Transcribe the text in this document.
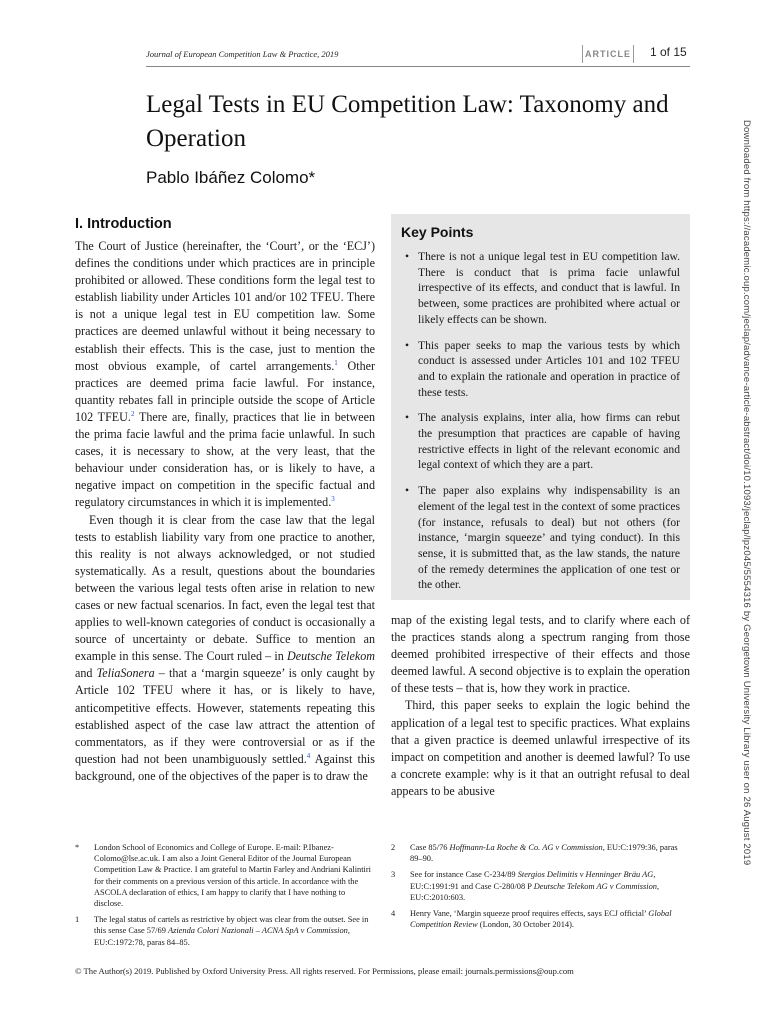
Journal of European Competition Law & Practice, 2019	ARTICLE 1 of 15
Legal Tests in EU Competition Law: Taxonomy and Operation
Pablo Ibáñez Colomo*	Downloaded from https://academic.oup.com/jeclap/advance-article-abstract/doi/10.1093/jeclap/lpz045/5554316 by Georgetown University Library user on 26 August 2019
I. Introduction

The Court of Justice (hereinafter, the ‘Court’, or the ‘ECJ’) defines the conditions under which practices are in principle prohibited or allowed. These conditions form the legal test to establish liability under Articles 101 and/or 102 TFEU. There is not a unique legal test in EU competition law. Some practices are deemed unlawful without it being necessary to establish their effects. This is the case, just to mention the most obvious example, of cartel arrangements.$^1$ Other practices are deemed prima facie lawful. For instance, quantity rebates fall in principle outside the scope of Article 102 TFEU.$^2$ There are, finally, practices that lie in between the prima facie lawful and the prima facie unlawful. In such cases, it is necessary to show, at the very least, that the behaviour under consideration has, or is likely to have, a negative impact on competition in the specific factual and regulatory circumstances in which it is implemented.$^3$

Even though it is clear from the case law that the legal tests to establish liability vary from one practice to another, this reality is not always acknowledged, or not studied systematically. As a result, questions about the boundaries between the various legal tests often arise in relation to new cases or new factual scenarios. In fact, even the legal test that applies to well-known categories of conduct is occasionally a source of uncertainty or debate. Suffice to mention an example in this sense. The Court ruled – in Deutsche Telekom and TeliaSonera – that a ‘margin squeeze’ is only caught by Article 102 TFEU where it has, or is likely to have, anticompetitive effects. However, statements repeating this established aspect of the case law attract the attention of commentators, as if they were controversial or as if the question had not been unambiguously settled.$^4$ Against this background, one of the objectives of the paper is to draw the

Key Points
• There is not a unique legal test in EU competition law. There is conduct that is prima facie unlawful irrespective of its effects, and conduct that is lawful. In between, some practices are prohibited where actual or likely effects can be shown.
• This paper seeks to map the various tests by which conduct is assessed under Articles 101 and 102 TFEU and to explain the rationale and operation in practice of these tests.
• The analysis explains, inter alia, how firms can rebut the presumption that practices are capable of having restrictive effects in light of the relevant economic and legal context of which they are a part.
• The paper also explains why indispensability is an element of the legal test in the context of some practices (for instance, refusals to deal) but not others (for instance, ‘margin squeeze’ and tying conduct). In this sense, it is submitted that, as the law stands, the nature of the remedy determines the application of one test or the other.

map of the existing legal tests, and to clarify where each of the practices stands along a spectrum ranging from those deemed prohibited irrespective of their effects and those deemed lawful. A second objective is to explain the operation of these tests – that is, how they work in practice.

Third, this paper seeks to explain the logic behind the application of a legal test to specific practices. What explains that a given practice is deemed unlawful irrespective of its impact on competition and another is deemed lawful? To use a concrete example: why is it that an outright refusal to deal appears to be abusive

*	London School of Economics and College of Europe. E-mail: P.Ibanez-Colomo@lse.ac.uk. I am also a Joint General Editor of the Journal European Competition Law & Practice. I am grateful to Martin Farley and Andriani Kalintiri for their comments on a previous version of this article. In accordance with the ASCOLA declaration of ethics, I am happy to clarify that I have nothing to disclose.
1	The legal status of cartels as restrictive by object was clear from the outset. See in this sense Case 57/69 Azienda Colori Nazionali – ACNA SpA v Commission, EU:C:1972:78, paras 84–85.
2	Case 85/76 Hoffmann-La Roche & Co. AG v Commission, EU:C:1979:36, paras 89–90.
3	See for instance Case C-234/89 Stergios Delimitis v Henninger Bräu AG, EU:C:1991:91 and Case C-280/08 P Deutsche Telekom AG v Commission, EU:C:2010:603.
4	Henry Vane, ‘Margin squeeze proof requires effects, says ECJ official’ Global Competition Review (London, 30 October 2014).
© The Author(s) 2019. Published by Oxford University Press. All rights reserved. For Permissions, please email: journals.permissions@oup.com
